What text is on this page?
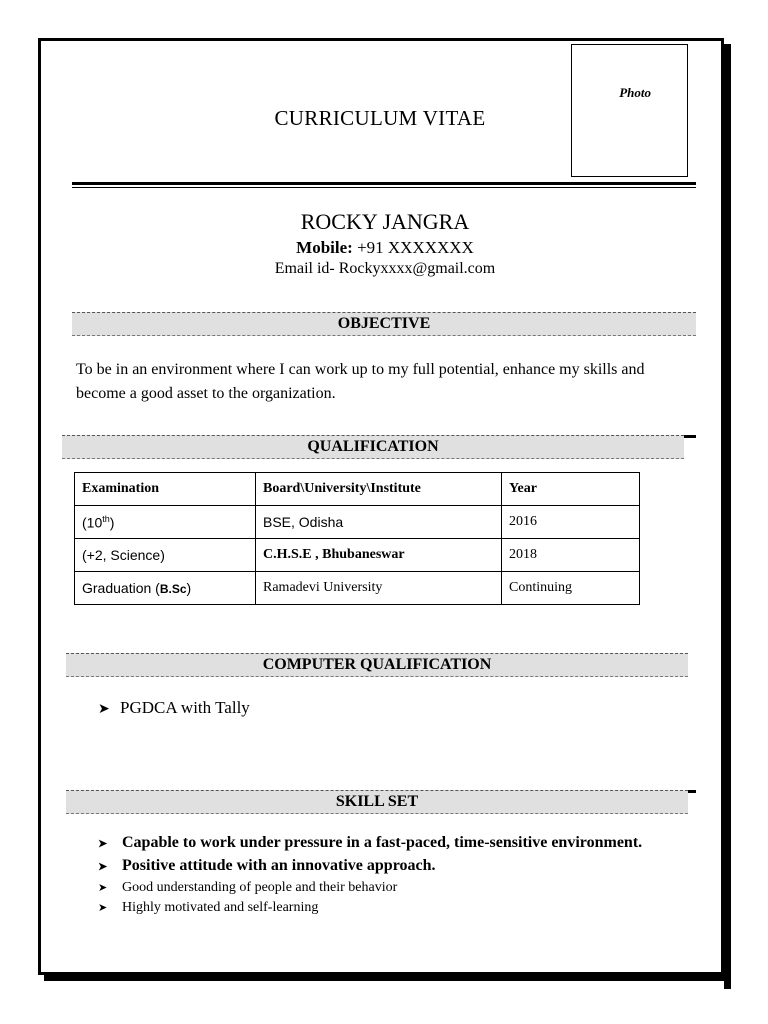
CURRICULUM VITAE
Photo
ROCKY JANGRA
Mobile: +91 XXXXXXX
Email id- Rockyxxxx@gmail.com
OBJECTIVE
To be in an environment where I can work up to my full potential, enhance my skills and become a good asset to the organization.
QUALIFICATION
Examination	Board\University\Institute	Year
(10th)	BSE, Odisha	2016
(+2, Science)	C.H.S.E , Bhubaneswar	2018
Graduation (B.Sc)	Ramadevi University	Continuing
COMPUTER QUALIFICATION
➤ PGDCA with Tally
SKILL SET
➤ Capable to work under pressure in a fast-paced, time-sensitive environment.
➤ Positive attitude with an innovative approach.
➤ Good understanding of people and their behavior
➤ Highly motivated and self-learning
